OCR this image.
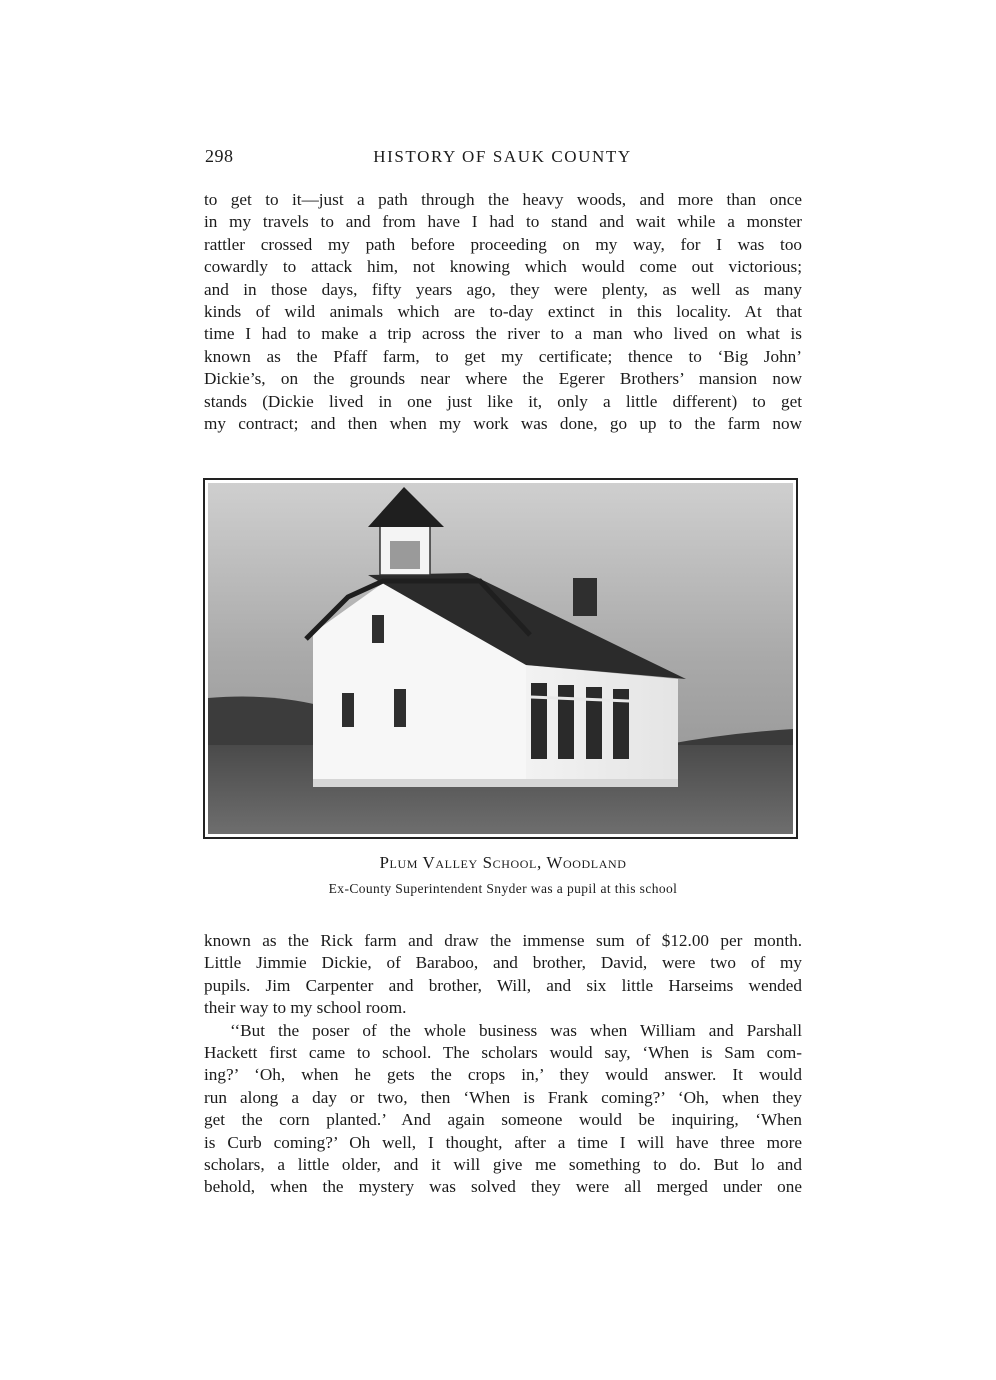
298	HISTORY OF SAUK COUNTY
to get to it—just a path through the heavy woods, and more than once
in my travels to and from have I had to stand and wait while a monster
rattler crossed my path before proceeding on my way, for I was too
cowardly to attack him, not knowing which would come out victorious;
and in those days, fifty years ago, they were plenty, as well as many
kinds of wild animals which are to-day extinct in this locality. At that
time I had to make a trip across the river to a man who lived on what is
known as the Pfaff farm, to get my certificate; thence to ‘Big John’
Dickie’s, on the grounds near where the Egerer Brothers’ mansion now
stands (Dickie lived in one just like it, only a little different) to get
my contract; and then when my work was done, go up to the farm now
Plum Valley School, Woodland
Ex-County Superintendent Snyder was a pupil at this school
known as the Rick farm and draw the immense sum of $12.00 per month.
Little Jimmie Dickie, of Baraboo, and brother, David, were two of my
pupils. Jim Carpenter and brother, Will, and six little Harseims wended
their way to my school room.
‘‘But the poser of the whole business was when William and Parshall
Hackett first came to school. The scholars would say, ‘When is Sam com-
ing?’ ‘Oh, when he gets the crops in,’ they would answer. It would
run along a day or two, then ‘When is Frank coming?’ ‘Oh, when they
get the corn planted.’ And again someone would be inquiring, ‘When
is Curb coming?’ Oh well, I thought, after a time I will have three more
scholars, a little older, and it will give me something to do. But lo and
behold, when the mystery was solved they were all merged under one
